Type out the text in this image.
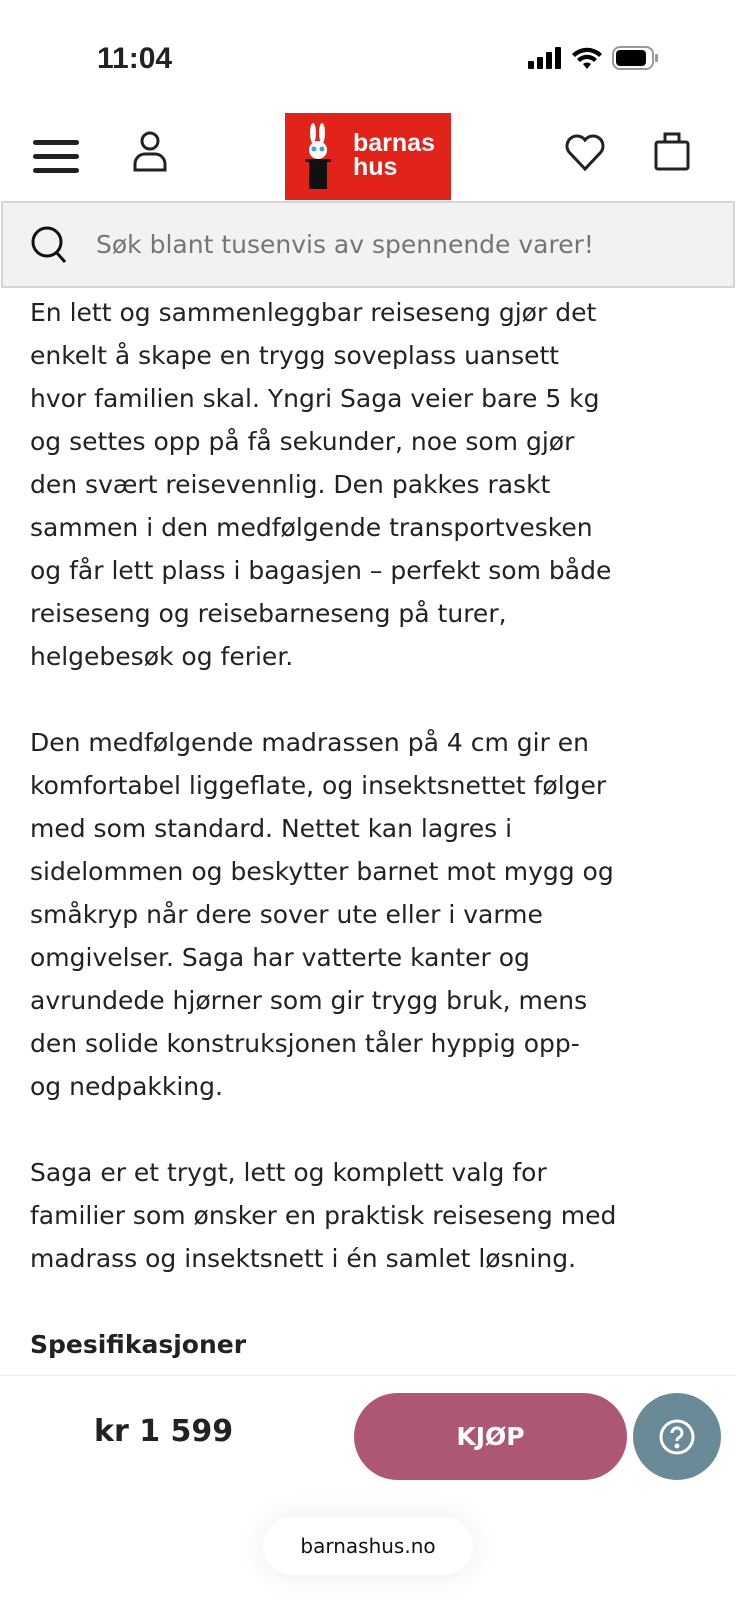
11:04
barnas
hus
Søk blant tusenvis av spennende varer!

En lett og sammenleggbar reiseseng gjør det
enkelt å skape en trygg soveplass uansett
hvor familien skal. Yngri Saga veier bare 5 kg
og settes opp på få sekunder, noe som gjør
den svært reisevennlig. Den pakkes raskt
sammen i den medfølgende transportvesken
og får lett plass i bagasjen – perfekt som både
reiseseng og reisebarneseng på turer,
helgebesøk og ferier.

Den medfølgende madrassen på 4 cm gir en
komfortabel liggeflate, og insektsnettet følger
med som standard. Nettet kan lagres i
sidelommen og beskytter barnet mot mygg og
småkryp når dere sover ute eller i varme
omgivelser. Saga har vatterte kanter og
avrundede hjørner som gir trygg bruk, mens
den solide konstruksjonen tåler hyppig opp-
og nedpakking.

Saga er et trygt, lett og komplett valg for
familier som ønsker en praktisk reiseseng med
madrass og insektsnett i én samlet løsning.

Spesifikasjoner
kr 1 599	KJØP
barnashus.no
